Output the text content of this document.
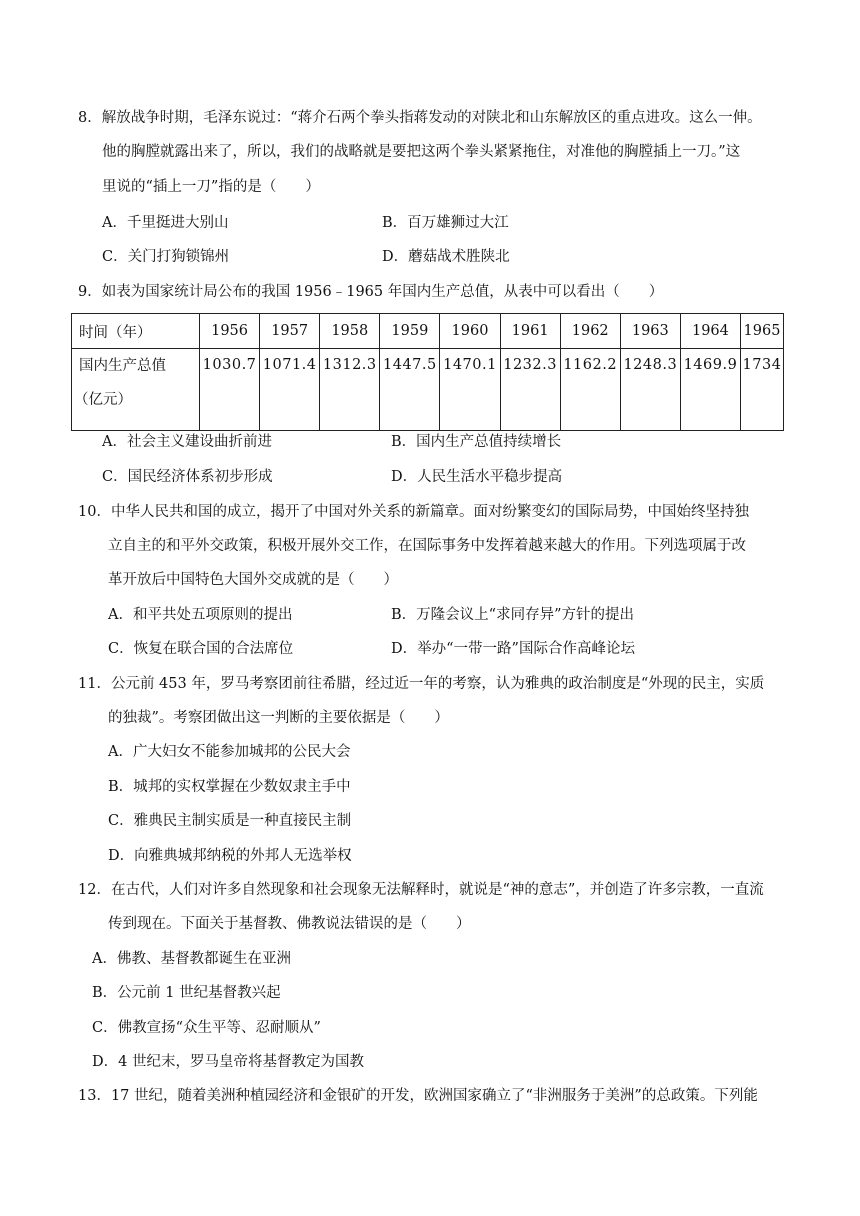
8．解放战争时期，毛泽东说过：“蒋介石两个拳头指蒋发动的对陕北和山东解放区的重点进攻。这么一伸。
他的胸膛就露出来了，所以，我们的战略就是要把这两个拳头紧紧拖住，对准他的胸膛插上一刀。”这
里说的“插上一刀”指的是（　　）
A．千里挺进大别山	B．百万雄狮过大江
C．关门打狗锁锦州	D．蘑菇战术胜陕北
9．如表为国家统计局公布的我国 1956﹣1965 年国内生产总值，从表中可以看出（　　）
时间（年）	1956	1957	1958	1959	1960	1961	1962	1963	1964	1965

国内生产总值
（亿元）	1030.7	1071.4	1312.3	1447.5	1470.1	1232.3	1162.2	1248.3	1469.9	1734
A．社会主义建设曲折前进	B．国内生产总值持续增长
C．国民经济体系初步形成	D．人民生活水平稳步提高
10．中华人民共和国的成立，揭开了中国对外关系的新篇章。面对纷繁变幻的国际局势，中国始终坚持独
立自主的和平外交政策，积极开展外交工作，在国际事务中发挥着越来越大的作用。下列选项属于改
革开放后中国特色大国外交成就的是（　　）
A．和平共处五项原则的提出	B．万隆会议上“求同存异”方针的提出
C．恢复在联合国的合法席位	D．举办“一带一路”国际合作高峰论坛
11．公元前 453 年，罗马考察团前往希腊，经过近一年的考察，认为雅典的政治制度是“外现的民主，实质
的独裁”。考察团做出这一判断的主要依据是（　　）
A．广大妇女不能参加城邦的公民大会
B．城邦的实权掌握在少数奴隶主手中
C．雅典民主制实质是一种直接民主制
D．向雅典城邦纳税的外邦人无选举权
12．在古代，人们对许多自然现象和社会现象无法解释时，就说是“神的意志”，并创造了许多宗教，一直流
传到现在。下面关于基督教、佛教说法错误的是（　　）
A．佛教、基督教都诞生在亚洲
B．公元前 1 世纪基督教兴起
C．佛教宣扬“众生平等、忍耐顺从”
D．4 世纪末，罗马皇帝将基督教定为国教
13．17 世纪，随着美洲种植园经济和金银矿的开发，欧洲国家确立了“非洲服务于美洲”的总政策。下列能
